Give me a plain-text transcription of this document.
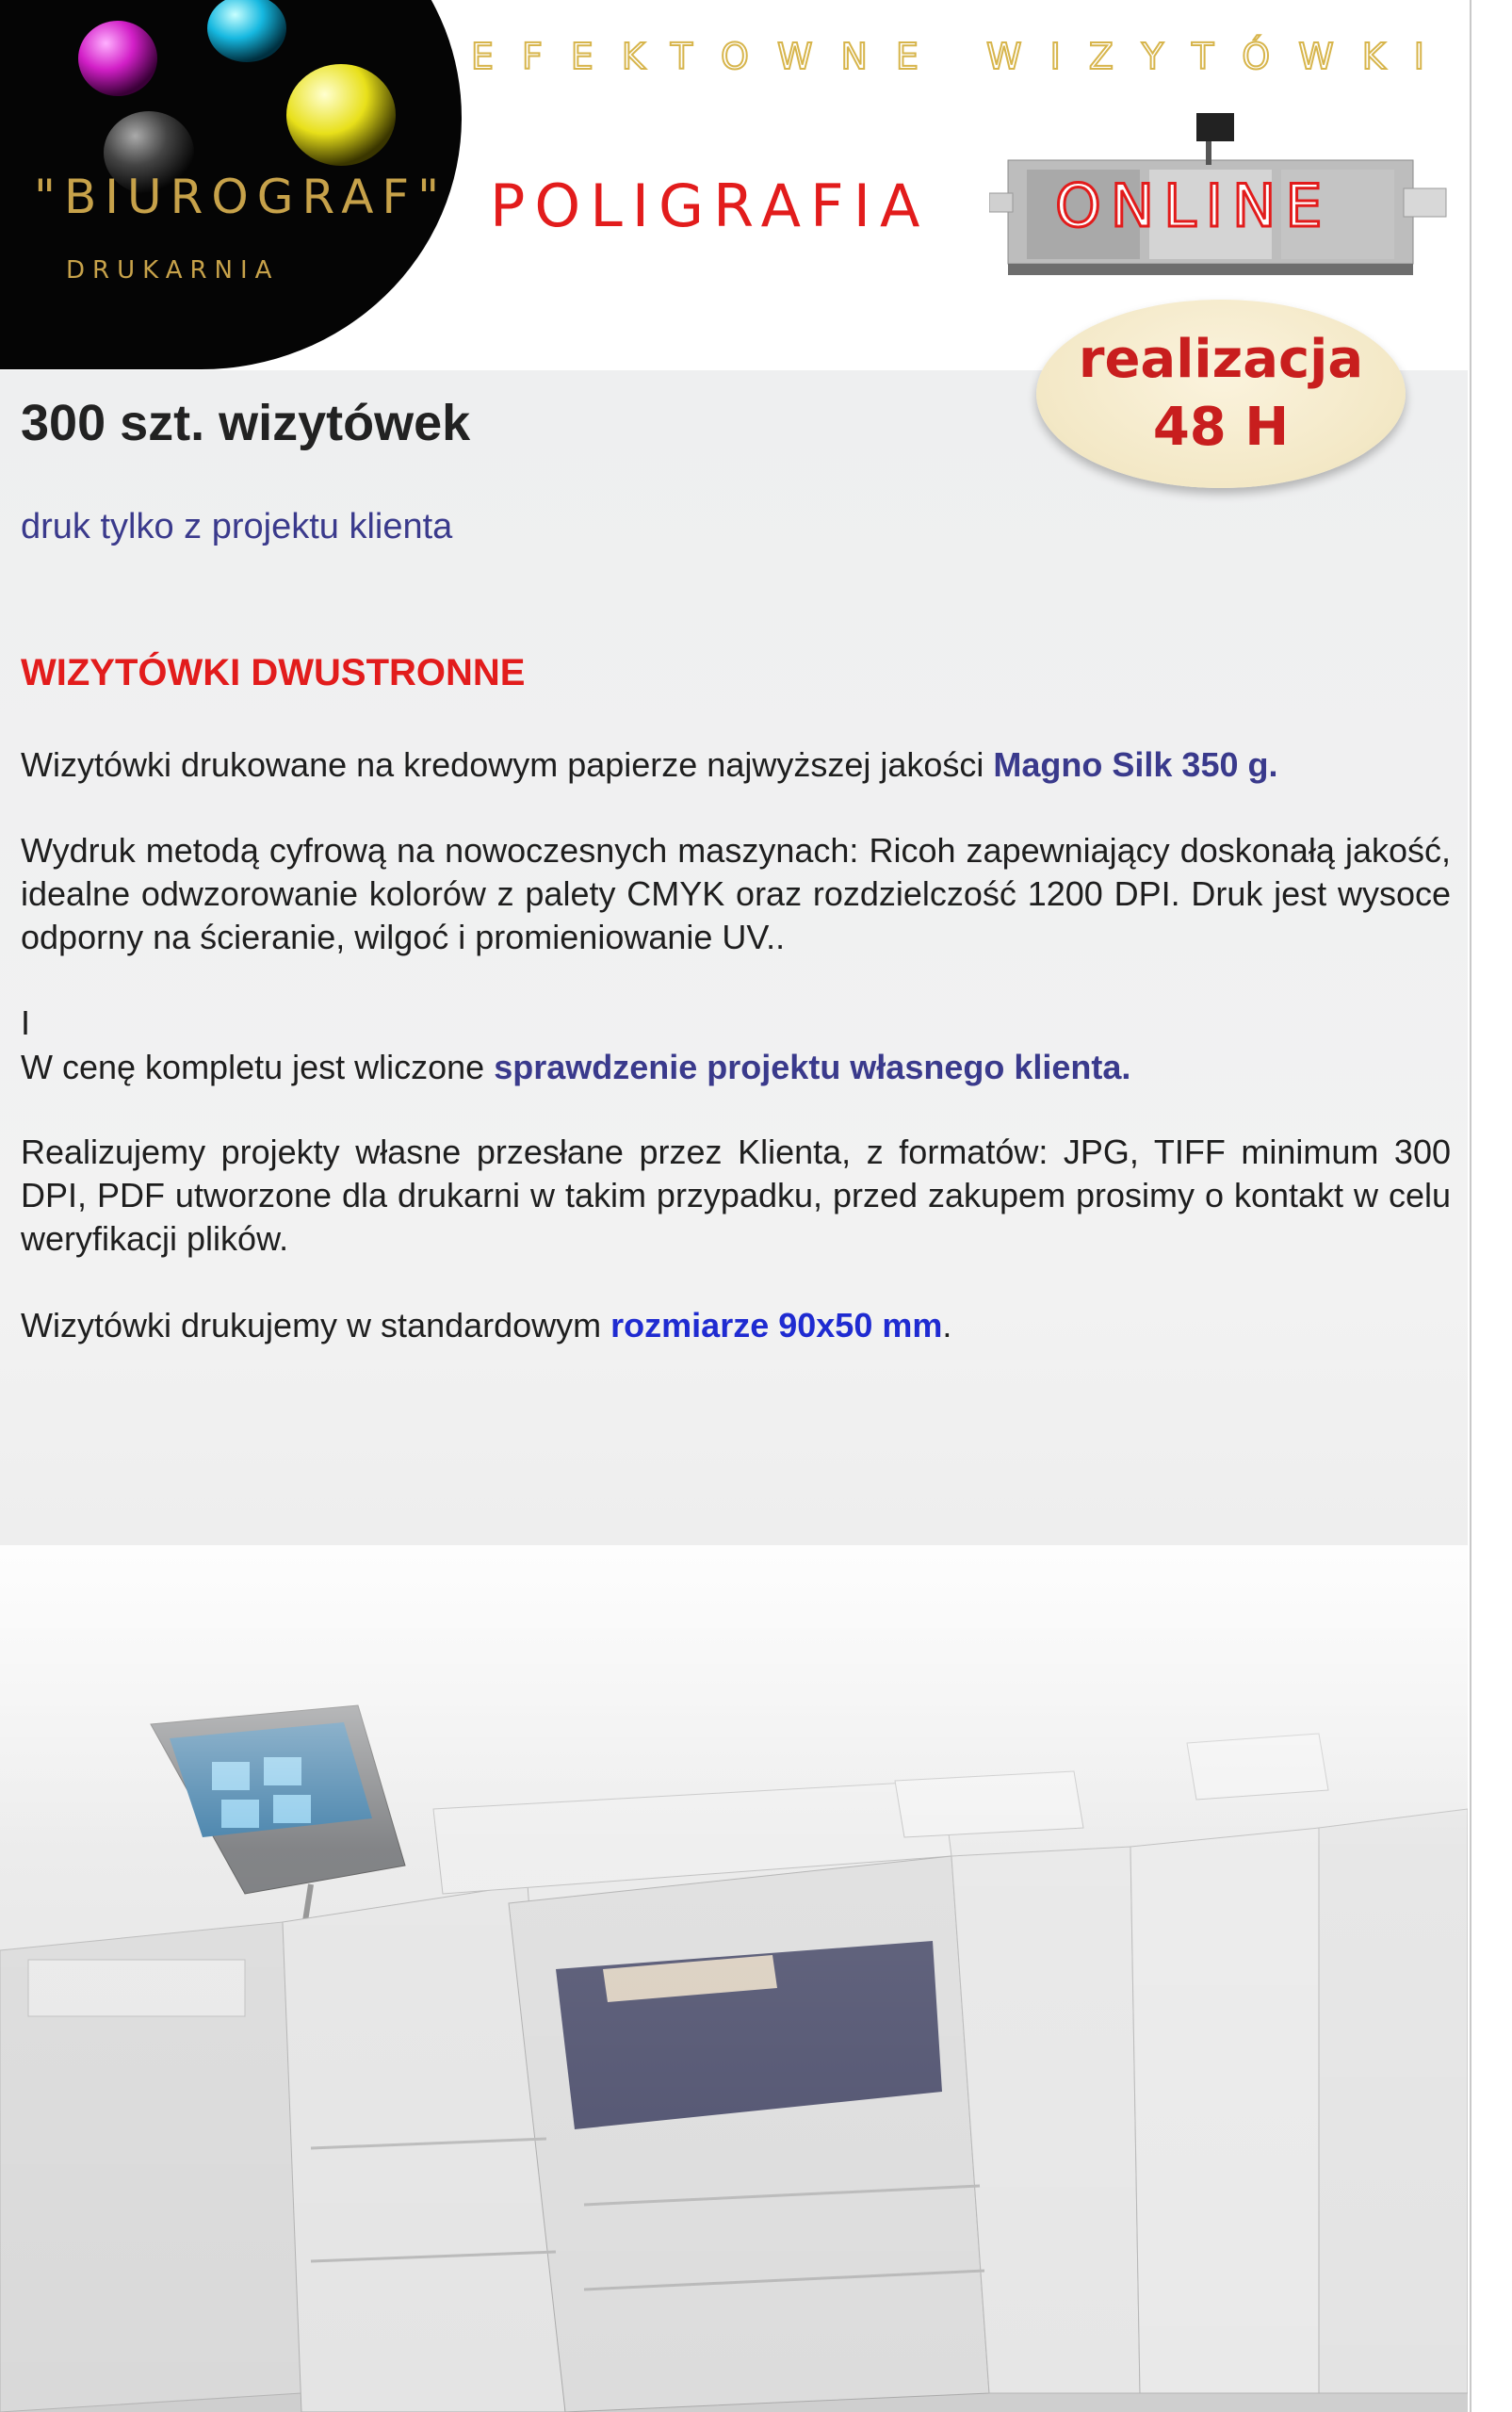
"BIUROGRAF"
DRUKARNIA
EFEKTOWNE WIZYTÓWKI
POLIGRAFIA ONLINE
realizacja
48 H
300 szt. wizytówek
druk tylko z projektu klienta
WIZYTÓWKI DWUSTRONNE
Wizytówki drukowane na kredowym papierze najwyższej jakości Magno Silk 350 g.
Wydruk metodą cyfrową na nowoczesnych maszynach: Ricoh zapewniający doskonałą jakość, idealne odwzorowanie kolorów z palety CMYK oraz rozdzielczość 1200 DPI. Druk jest wysoce odporny na ścieranie, wilgoć i promieniowanie UV..
I
W cenę kompletu jest wliczone sprawdzenie projektu własnego klienta.
Realizujemy projekty własne przesłane przez Klienta, z formatów: JPG, TIFF minimum 300 DPI, PDF utworzone dla drukarni w takim przypadku, przed zakupem prosimy o kontakt w celu weryfikacji plików.
Wizytówki drukujemy w standardowym rozmiarze 90x50 mm.
